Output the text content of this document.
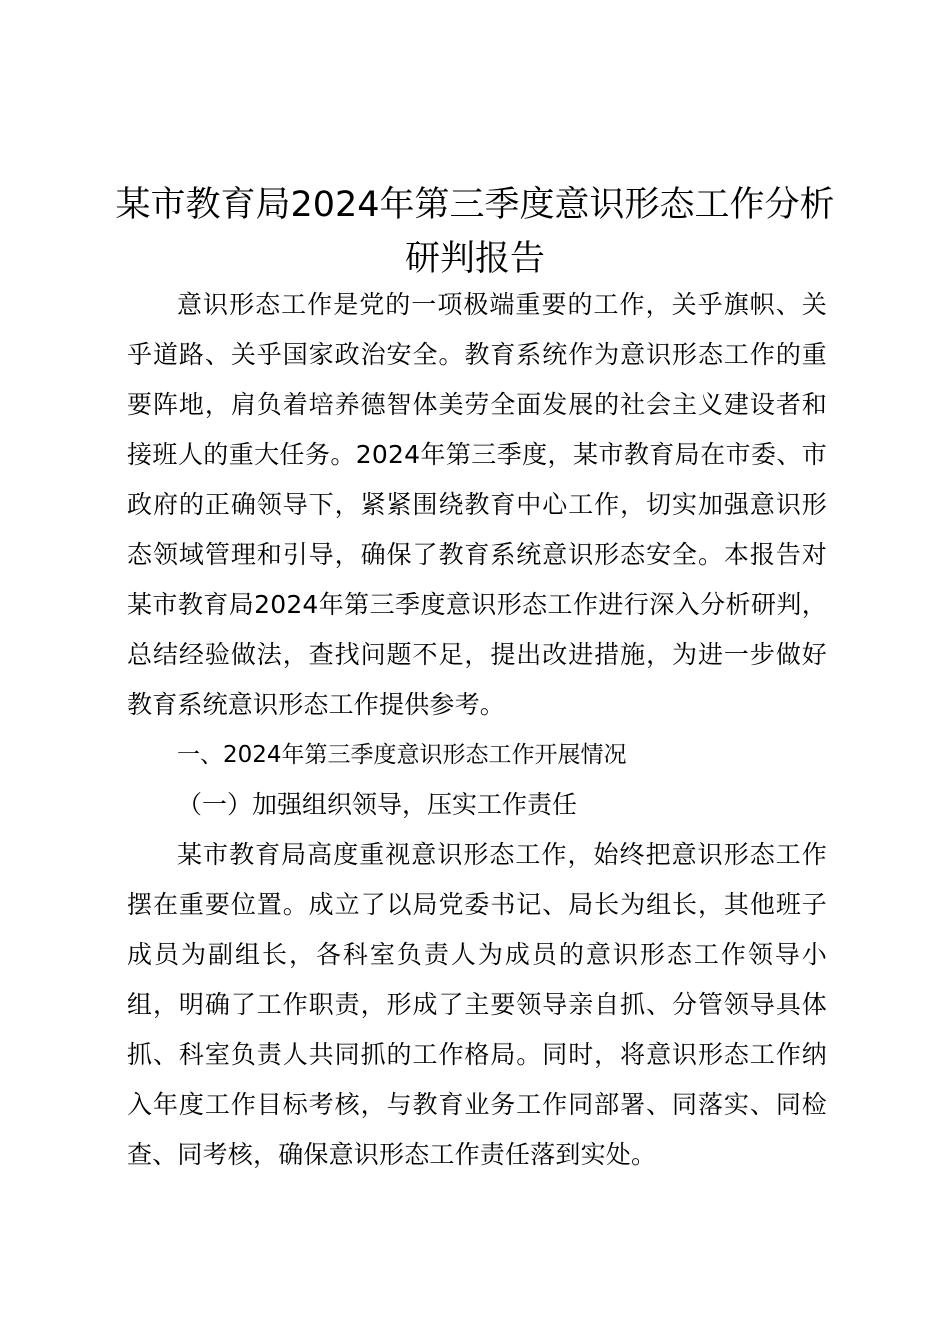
某市教育局2024年第三季度意识形态工作分析研判报告

意识形态工作是党的一项极端重要的工作，关乎旗帜、关乎道路、关乎国家政治安全。教育系统作为意识形态工作的重要阵地，肩负着培养德智体美劳全面发展的社会主义建设者和接班人的重大任务。2024年第三季度，某市教育局在市委、市政府的正确领导下，紧紧围绕教育中心工作，切实加强意识形态领域管理和引导，确保了教育系统意识形态安全。本报告对某市教育局2024年第三季度意识形态工作进行深入分析研判，总结经验做法，查找问题不足，提出改进措施，为进一步做好教育系统意识形态工作提供参考。

一、2024年第三季度意识形态工作开展情况

（一）加强组织领导，压实工作责任

某市教育局高度重视意识形态工作，始终把意识形态工作摆在重要位置。成立了以局党委书记、局长为组长，其他班子成员为副组长，各科室负责人为成员的意识形态工作领导小组，明确了工作职责，形成了主要领导亲自抓、分管领导具体抓、科室负责人共同抓的工作格局。同时，将意识形态工作纳入年度工作目标考核，与教育业务工作同部署、同落实、同检查、同考核，确保意识形态工作责任落到实处。
